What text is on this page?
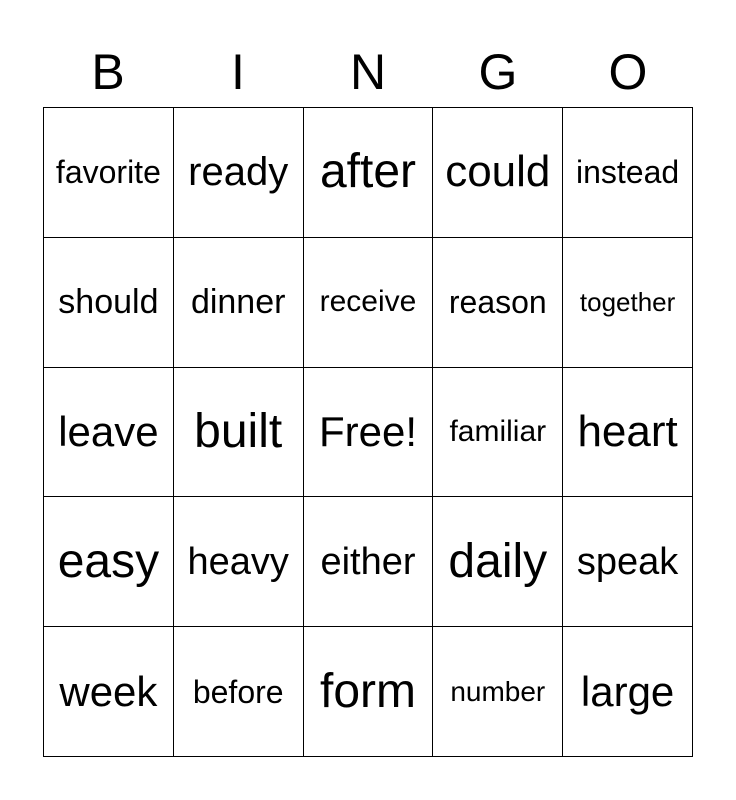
B	I	N	G	O
favorite ready after could instead
should dinner	receive	reason	together
leave built Free!	familiar heart
easy heavy either daily speak
week	before form	number large
